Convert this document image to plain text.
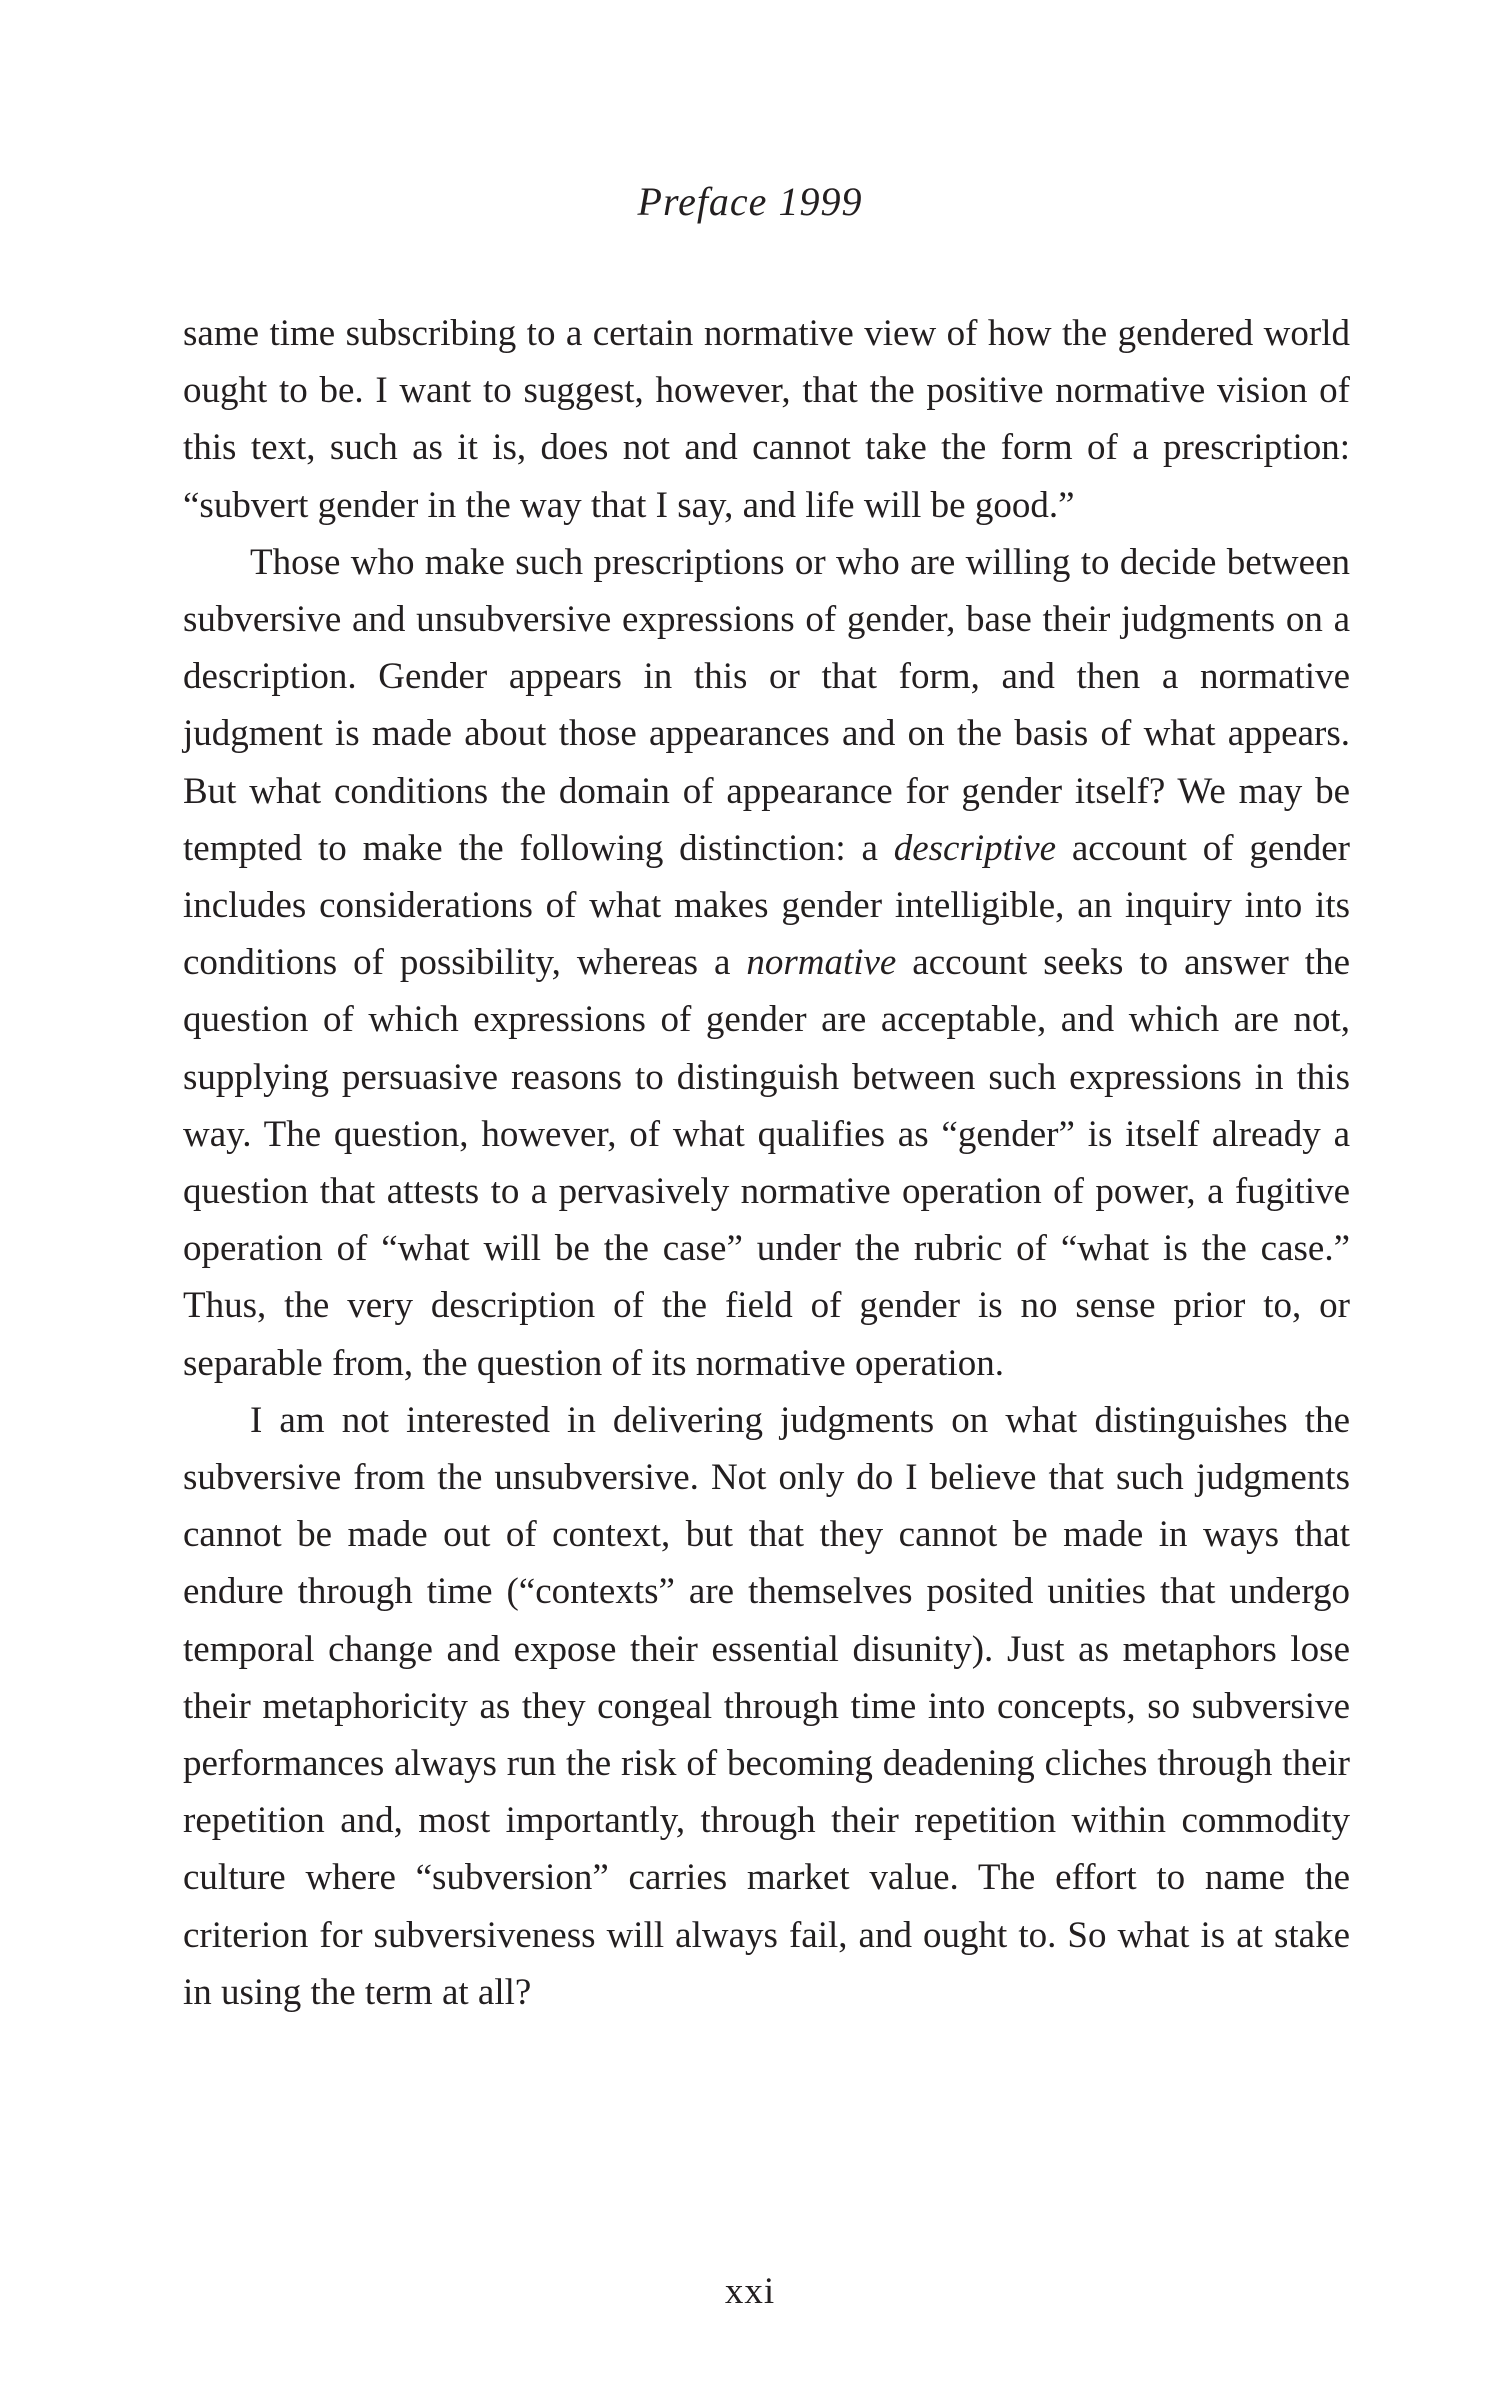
Preface 1999

same time subscribing to a certain normative view of how the gendered world ought to be. I want to suggest, however, that the positive normative vision of this text, such as it is, does not and cannot take the form of a prescription: “subvert gender in the way that I say, and life will be good.”

Those who make such prescriptions or who are willing to decide between subversive and unsubversive expressions of gender, base their judgments on a description. Gender appears in this or that form, and then a normative judgment is made about those appearances and on the basis of what appears. But what conditions the domain of appearance for gender itself? We may be tempted to make the following distinction: a descriptive account of gender includes considerations of what makes gender intelligible, an inquiry into its conditions of possibility, whereas a normative account seeks to answer the question of which expressions of gender are acceptable, and which are not, supplying persuasive reasons to distinguish between such expressions in this way. The question, however, of what qualifies as “gender” is itself already a question that attests to a pervasively normative operation of power, a fugitive operation of “what will be the case” under the rubric of “what is the case.” Thus, the very description of the field of gender is no sense prior to, or separable from, the question of its normative operation.

I am not interested in delivering judgments on what distinguishes the subversive from the unsubversive. Not only do I believe that such judgments cannot be made out of context, but that they cannot be made in ways that endure through time (“contexts” are themselves posited unities that undergo temporal change and expose their essential disunity). Just as metaphors lose their metaphoricity as they congeal through time into concepts, so subversive performances always run the risk of becoming deadening cliches through their repetition and, most importantly, through their repetition within commodity culture where “subversion” carries market value. The effort to name the criterion for subversiveness will always fail, and ought to. So what is at stake in using the term at all?

xxi
